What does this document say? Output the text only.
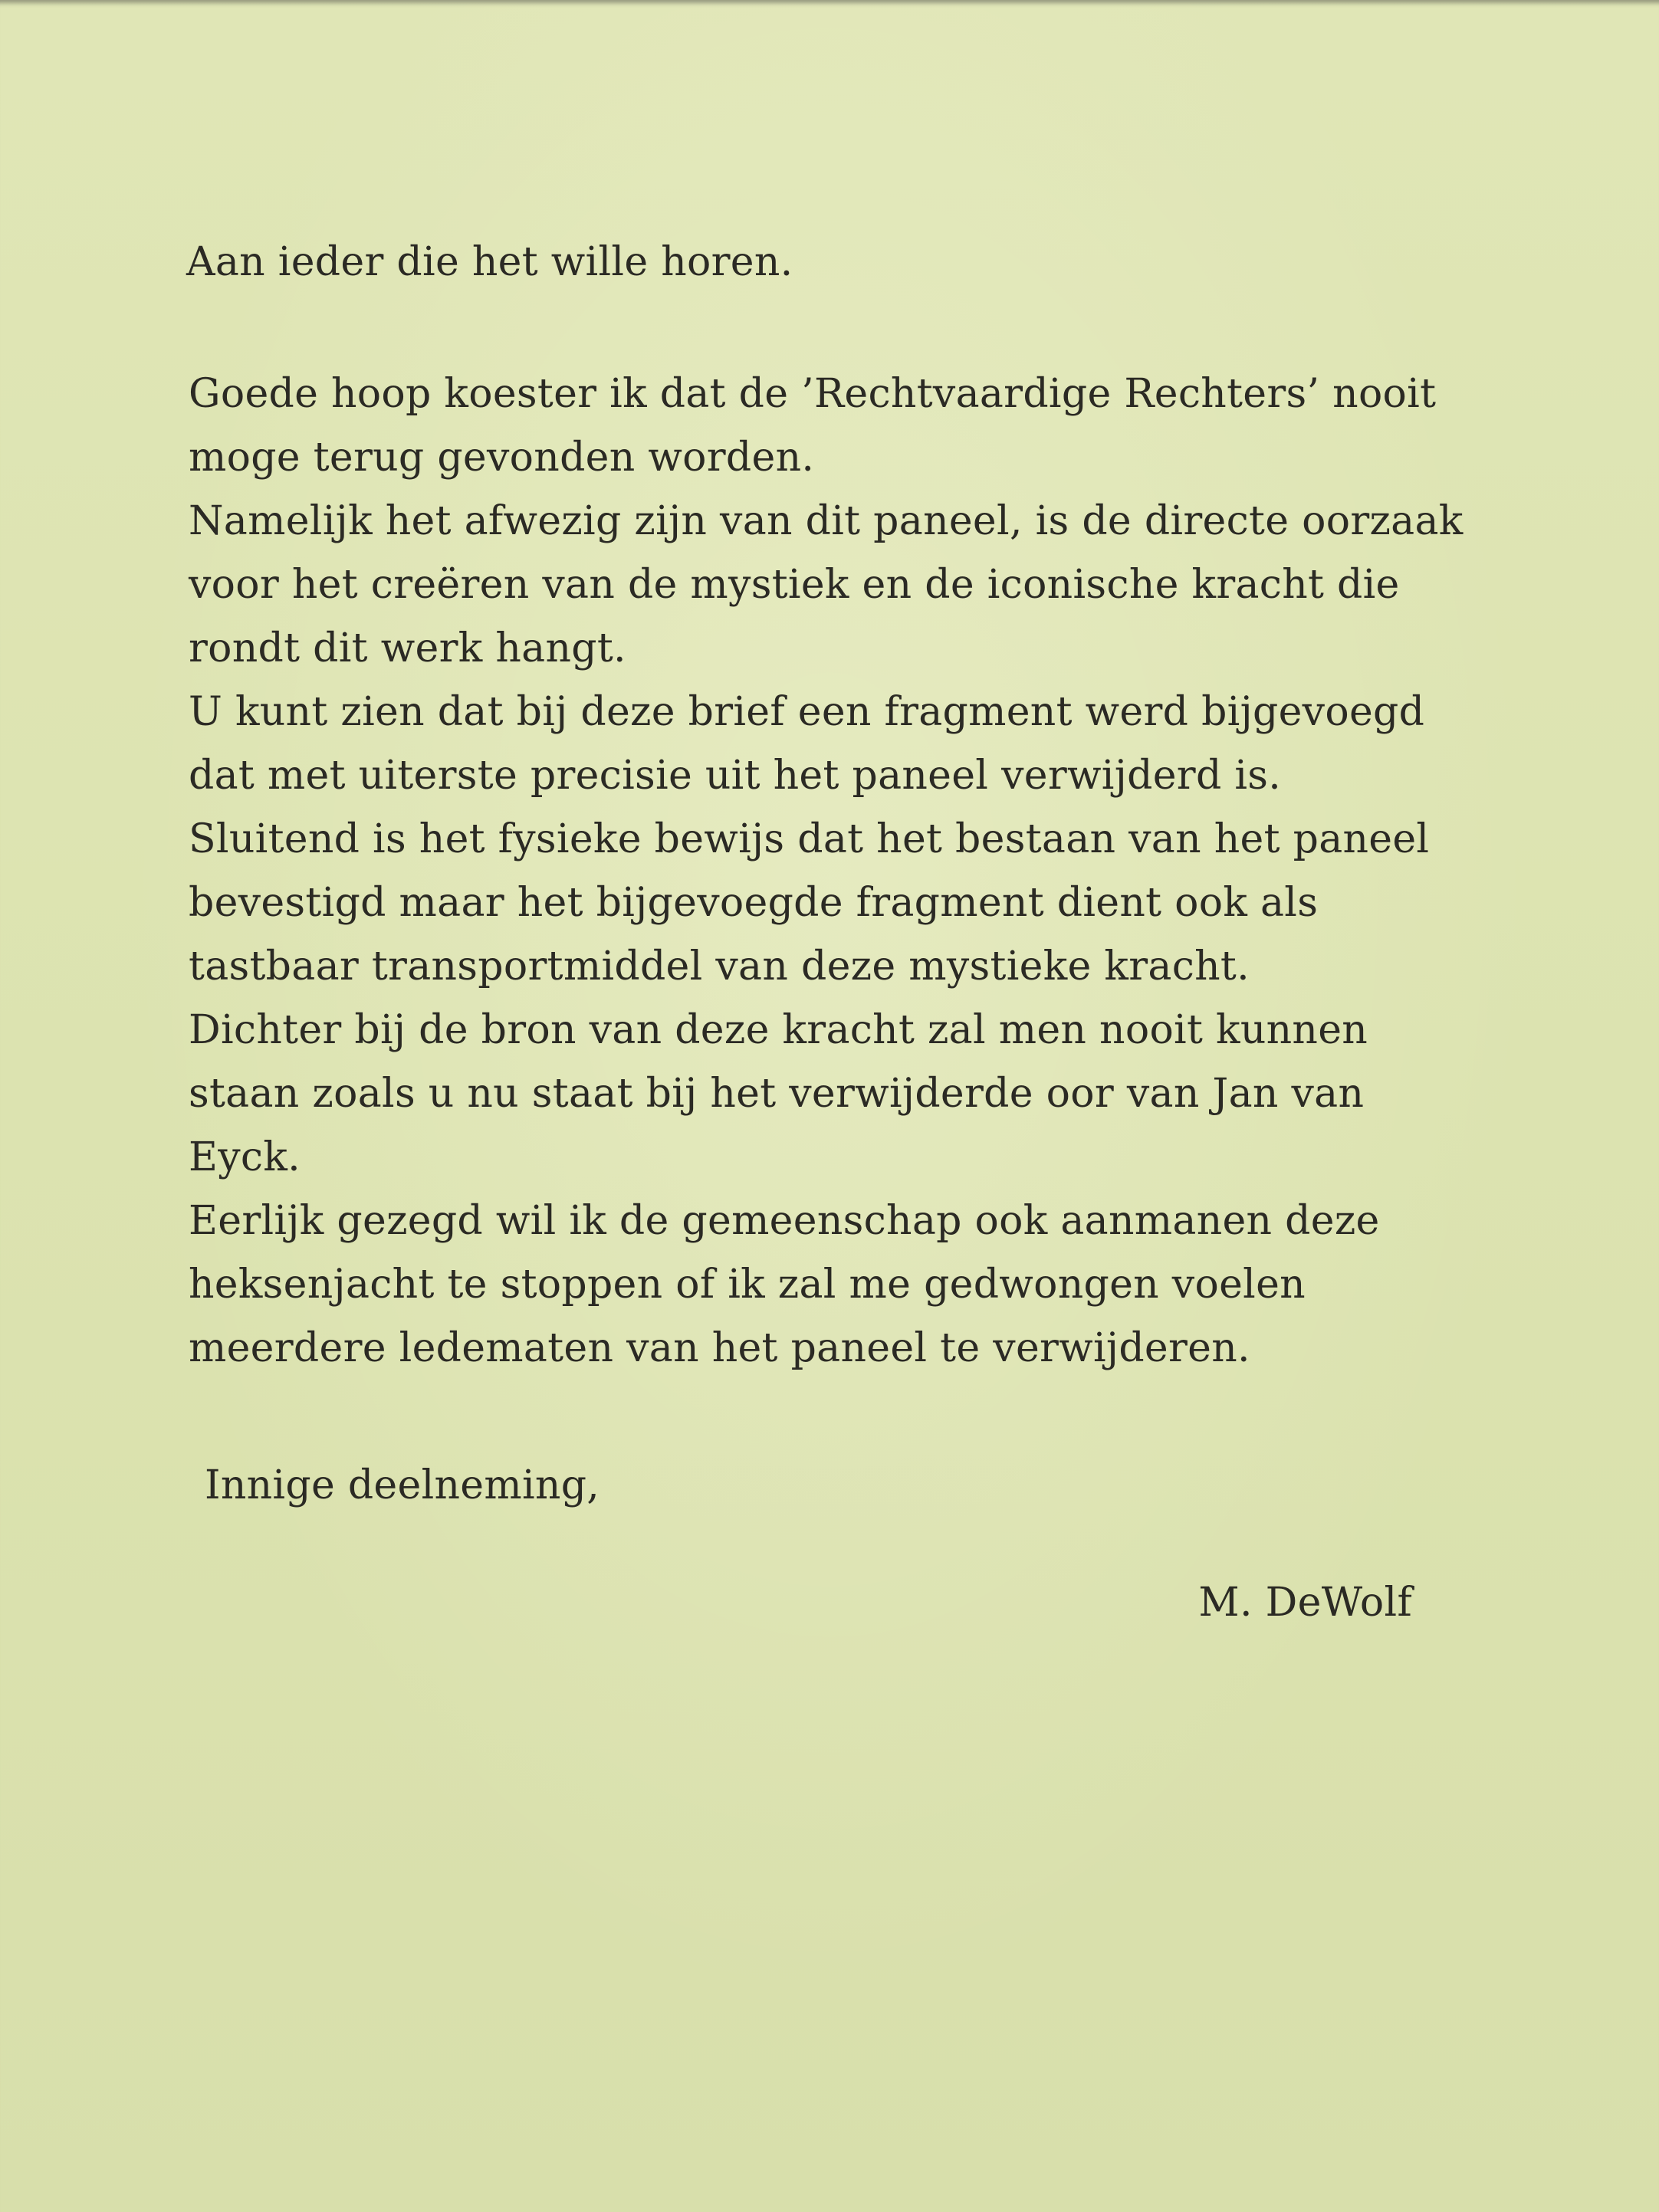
Aan ieder die het wille horen.
Goede hoop koester ik dat de ’Rechtvaardige Rechters’ nooit
moge terug gevonden worden.
Namelijk het afwezig zijn van dit paneel, is de directe oorzaak
voor het creëren van de mystiek en de iconische kracht die
rondt dit werk hangt.
U kunt zien dat bij deze brief een fragment werd bijgevoegd
dat met uiterste precisie uit het paneel verwijderd is.
Sluitend is het fysieke bewijs dat het bestaan van het paneel
bevestigd maar het bijgevoegde fragment dient ook als
tastbaar transportmiddel van deze mystieke kracht.
Dichter bij de bron van deze kracht zal men nooit kunnen
staan zoals u nu staat bij het verwijderde oor van Jan van
Eyck.
Eerlijk gezegd wil ik de gemeenschap ook aanmanen deze
heksenjacht te stoppen of ik zal me gedwongen voelen
meerdere ledematen van het paneel te verwijderen.
Innige deelneming,
M. DeWolf
